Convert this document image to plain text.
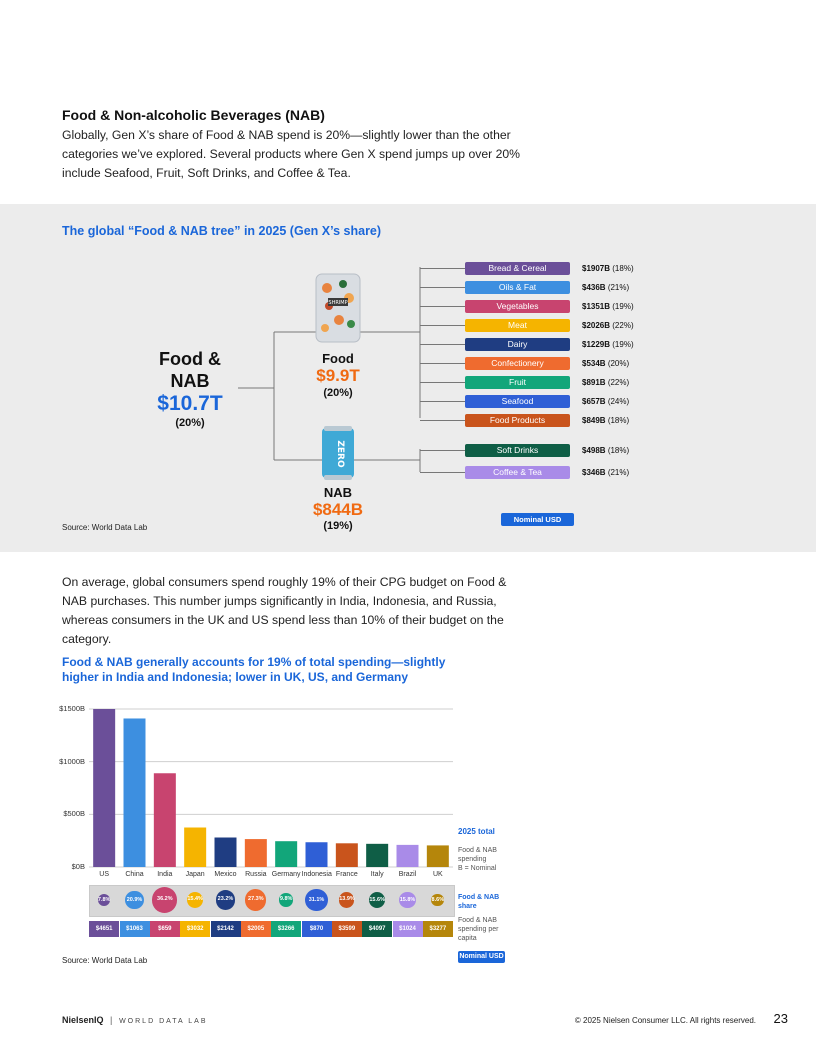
Food & Non-alcoholic Beverages (NAB)
Globally, Gen X’s share of Food & NAB spend is 20%—slightly lower than the other categories we’ve explored. Several products where Gen X spend jumps up over 20% include Seafood, Fruit, Soft Drinks, and Coffee & Tea.
The global “Food & NAB tree” in 2025 (Gen X’s share)
Food &
NAB
$10.7T
(20%)
SHRIMP
Food
$9.9T
(20%)
ZERO
NAB
$844B
(19%)
Bread & Cereal	$1907B (18%)
Oils & Fat	$436B (21%)
Vegetables	$1351B (19%)
Meat	$2026B (22%)
Dairy	$1229B (19%)
Confectionery	$534B (20%)
Fruit	$891B (22%)
Seafood	$657B (24%)
Food Products	$849B (18%)
Soft Drinks	$498B (18%)
Coffee & Tea	$346B (21%)
Source: World Data Lab
Nominal USD
On average, global consumers spend roughly 19% of their CPG budget on Food & NAB purchases. This number jumps significantly in India, Indonesia, and Russia, whereas consumers in the UK and US spend less than 10% of their budget on the category.
Food & NAB generally accounts for 19% of total spending—slightly higher in India and Indonesia; lower in UK, US, and Germany
$0B
$500B
$1000B
$1500B
US	China	India	Japan	Mexico	Russia Germany Indonesia France	Italy	Brazil	UK
7.8%	20.9%	36.2%	15.4%	23.2%	27.3%	9.8%	31.1%	13.9%	15.6%	15.8%	8.6%
$4651	$1063	$659	$3032	$2142	$2005	$3266	$870	$3599	$4097	$1024	$3277
2025 total
Food & NAB
spending
B = Nominal
Food & NAB
share
Food & NAB
spending per
capita
Source: World Data Lab	Nominal USD
NielsenIQ | WORLD DATA LAB	© 2025 Nielsen Consumer LLC. All rights reserved. 23
